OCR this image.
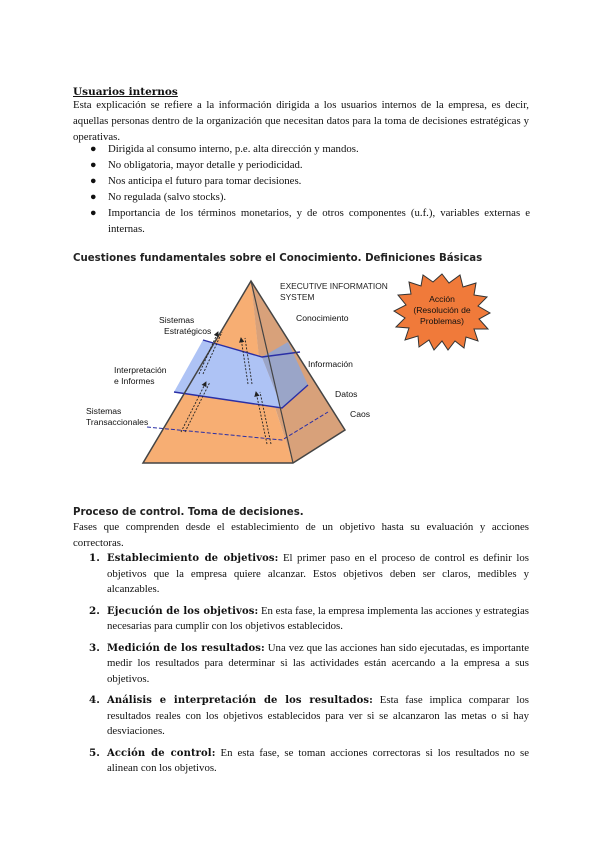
Usuarios internos
Esta explicación se refiere a la información dirigida a los usuarios internos de la empresa, es decir, aquellas personas dentro de la organización que necesitan datos para la toma de decisiones estratégicas y operativas.
● Dirigida al consumo interno, p.e. alta dirección y mandos.
● No obligatoria, mayor detalle y periodicidad.
● Nos anticipa el futuro para tomar decisiones.
● No regulada (salvo stocks).
● Importancia de los términos monetarios, y de otros componentes (u.f.), variables externas e internas.
Cuestiones fundamentales sobre el Conocimiento. Definiciones Básicas
Sistemas
Estratégicos
Interpretación
e Informes
Sistemas
Transaccionales
EXECUTIVE INFORMATION
SYSTEM
Conocimiento
Información
Datos
Caos
Acción
(Resolución de
Problemas)
Proceso de control. Toma de decisiones.
Fases que comprenden desde el establecimiento de un objetivo hasta su evaluación y acciones correctoras.
1. Establecimiento de objetivos: El primer paso en el proceso de control es definir los objetivos que la empresa quiere alcanzar. Estos objetivos deben ser claros, medibles y alcanzables.
2. Ejecución de los objetivos: En esta fase, la empresa implementa las acciones y estrategias necesarias para cumplir con los objetivos establecidos.
3. Medición de los resultados: Una vez que las acciones han sido ejecutadas, es importante medir los resultados para determinar si las actividades están acercando a la empresa a sus objetivos.
4. Análisis e interpretación de los resultados: Esta fase implica comparar los resultados reales con los objetivos establecidos para ver si se alcanzaron las metas o si hay desviaciones.
5. Acción de control: En esta fase, se toman acciones correctoras si los resultados no se alinean con los objetivos.
